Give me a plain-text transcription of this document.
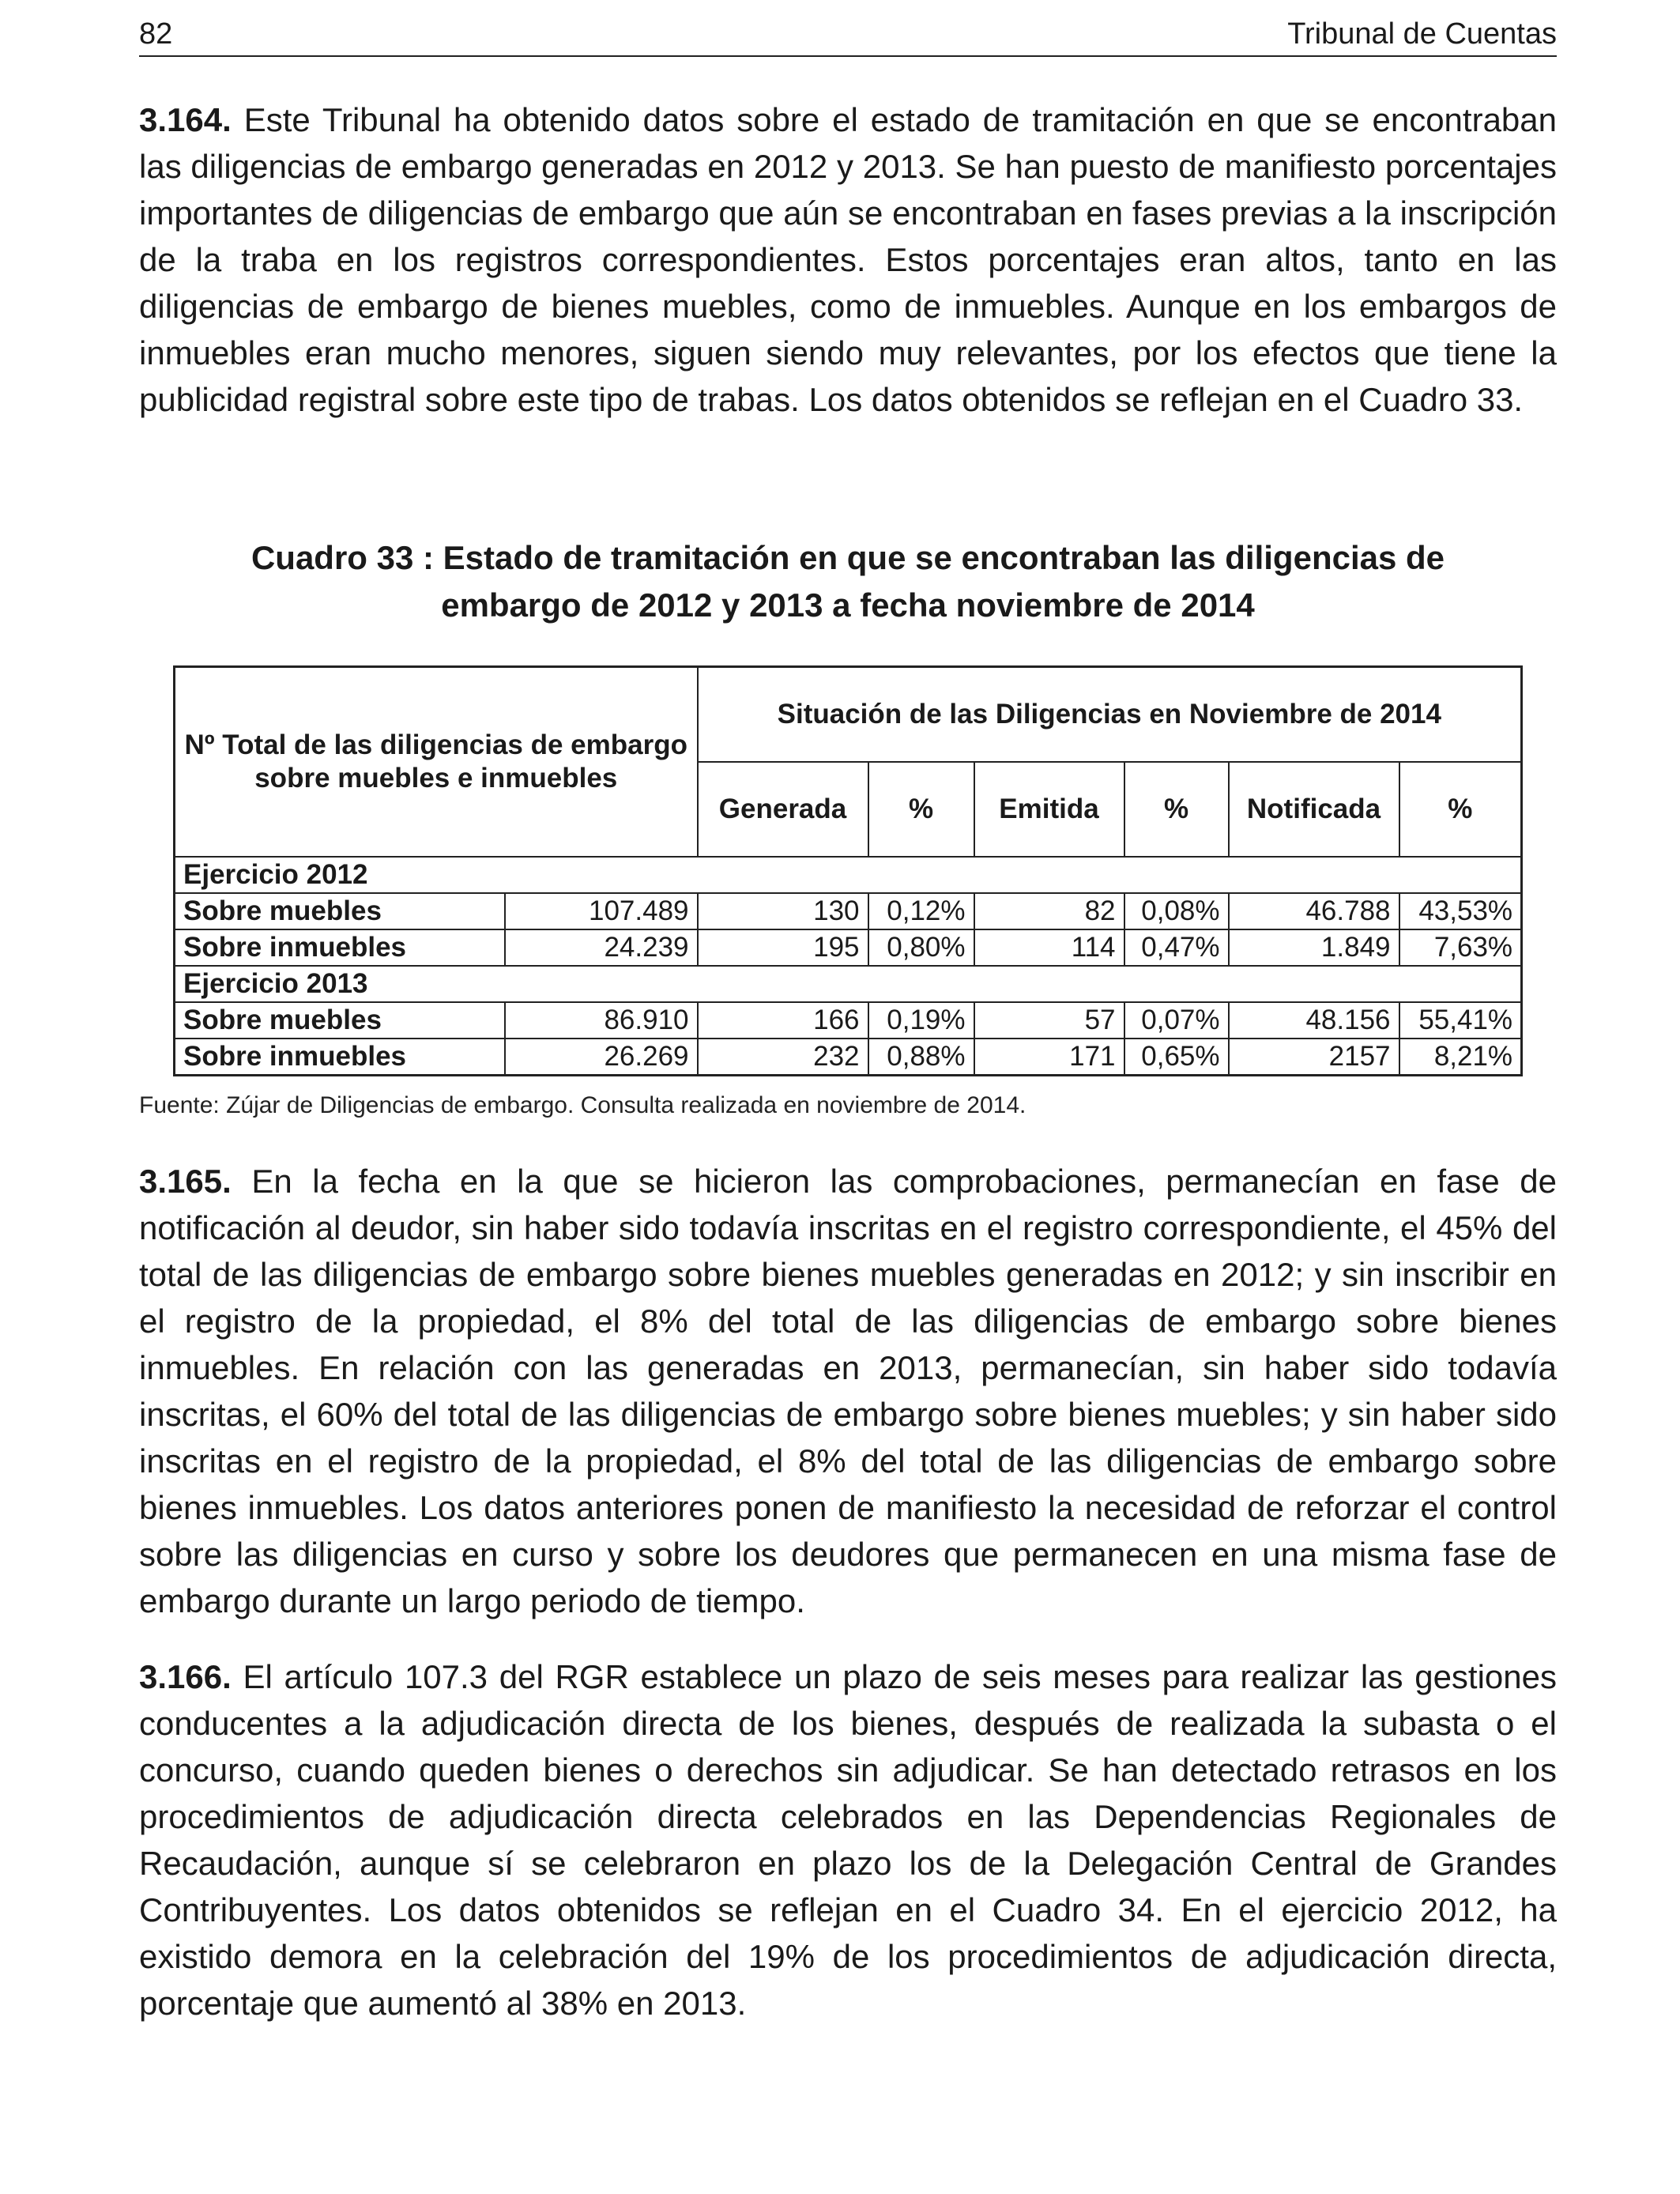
82	Tribunal de Cuentas

3.164. Este Tribunal ha obtenido datos sobre el estado de tramitación en que se encontraban las diligencias de embargo generadas en 2012 y 2013. Se han puesto de manifiesto porcentajes importantes de diligencias de embargo que aún se encontraban en fases previas a la inscripción de la traba en los registros correspondientes. Estos porcentajes eran altos, tanto en las diligencias de embargo de bienes muebles, como de inmuebles. Aunque en los embargos de inmuebles eran mucho menores, siguen siendo muy relevantes, por los efectos que tiene la publicidad registral sobre este tipo de trabas. Los datos obtenidos se reflejan en el Cuadro 33.

Cuadro 33 : Estado de tramitación en que se encontraban las diligencias de
embargo de 2012 y 2013 a fecha noviembre de 2014
Nº Total de las diligencias de embargo sobre muebles e inmuebles		Situación de las Diligencias en Noviembre de 2014					
		Generada	%	Emitida	%	Notificada	%
Ejercicio 2012							
Sobre muebles	107.489	130	0,12%	82	0,08%	46.788	43,53%
Sobre inmuebles	24.239	195	0,80%	114	0,47%	1.849	7,63%
Ejercicio 2013							
Sobre muebles	86.910	166	0,19%	57	0,07%	48.156	55,41%
Sobre inmuebles	26.269	232	0,88%	171	0,65%	2157	8,21%
Fuente: Zújar de Diligencias de embargo. Consulta realizada en noviembre de 2014.

3.165. En la fecha en la que se hicieron las comprobaciones, permanecían en fase de notificación al deudor, sin haber sido todavía inscritas en el registro correspondiente, el 45% del total de las diligencias de embargo sobre bienes muebles generadas en 2012; y sin inscribir en el registro de la propiedad, el 8% del total de las diligencias de embargo sobre bienes inmuebles. En relación con las generadas en 2013, permanecían, sin haber sido todavía inscritas, el 60% del total de las diligencias de embargo sobre bienes muebles; y sin haber sido inscritas en el registro de la propiedad, el 8% del total de las diligencias de embargo sobre bienes inmuebles. Los datos anteriores ponen de manifiesto la necesidad de reforzar el control sobre las diligencias en curso y sobre los deudores que permanecen en una misma fase de embargo durante un largo periodo de tiempo.

3.166. El artículo 107.3 del RGR establece un plazo de seis meses para realizar las gestiones conducentes a la adjudicación directa de los bienes, después de realizada la subasta o el concurso, cuando queden bienes o derechos sin adjudicar. Se han detectado retrasos en los procedimientos de adjudicación directa celebrados en las Dependencias Regionales de Recaudación, aunque sí se celebraron en plazo los de la Delegación Central de Grandes Contribuyentes. Los datos obtenidos se reflejan en el Cuadro 34. En el ejercicio 2012, ha existido demora en la celebración del 19% de los procedimientos de adjudicación directa, porcentaje que aumentó al 38% en 2013.
